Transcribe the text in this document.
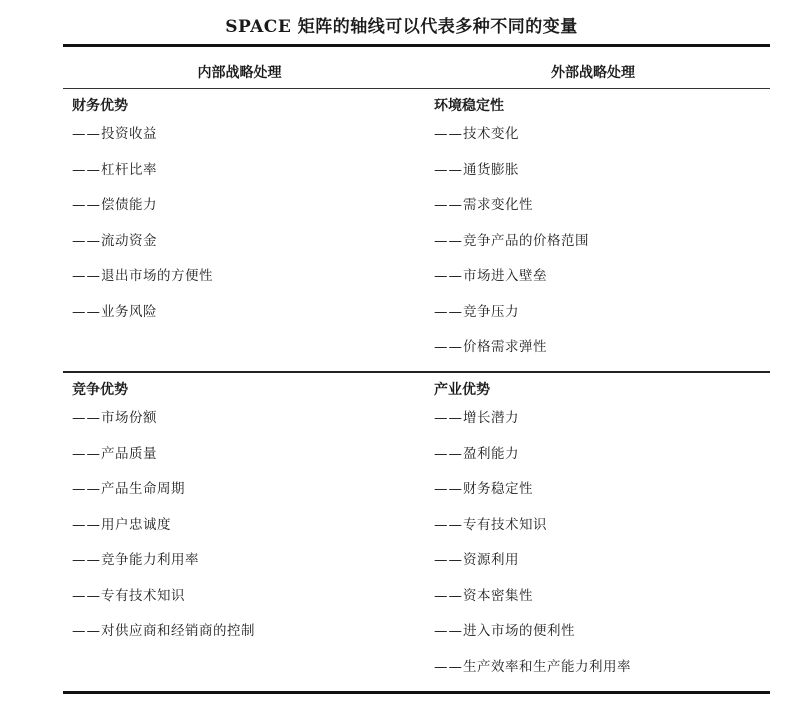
SPACE 矩阵的轴线可以代表多种不同的变量
内部战略处理	外部战略处理
财务优势
——投资收益
——杠杆比率
——偿债能力
——流动资金
——退出市场的方便性
——业务风险
环境稳定性
——技术变化
——通货膨胀
——需求变化性
——竞争产品的价格范围
——市场进入壁垒
——竞争压力
——价格需求弹性
竞争优势
——市场份额
——产品质量
——产品生命周期
——用户忠诚度
——竞争能力利用率
——专有技术知识
——对供应商和经销商的控制
产业优势
——增长潜力
——盈利能力
——财务稳定性
——专有技术知识
——资源利用
——资本密集性
——进入市场的便利性
——生产效率和生产能力利用率
